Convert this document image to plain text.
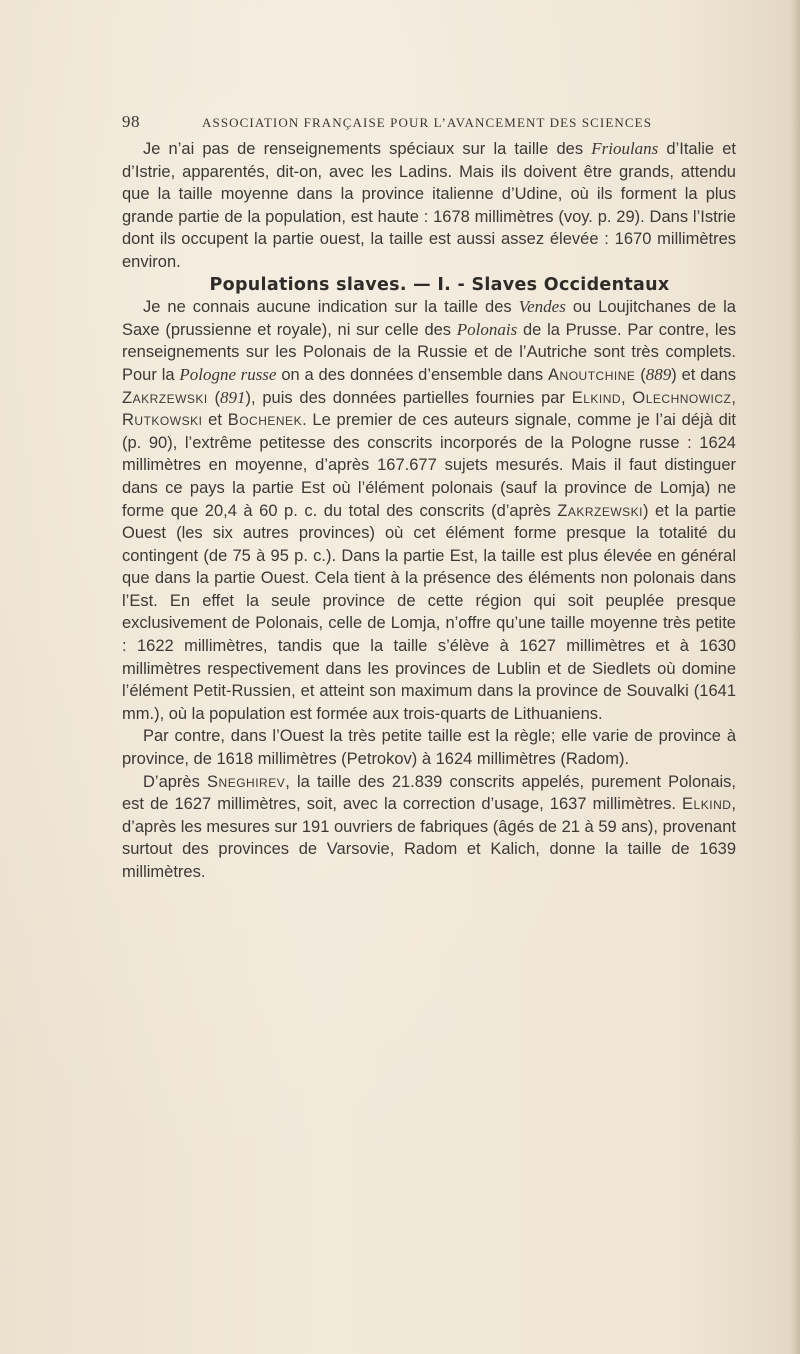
98	ASSOCIATION FRANÇAISE POUR L’AVANCEMENT DES SCIENCES

Je n’ai pas de renseignements spéciaux sur la taille des Frioulans d’Italie et d’Istrie, apparentés, dit-on, avec les Ladins. Mais ils doivent être grands, attendu que la taille moyenne dans la province italienne d’Udine, où ils forment la plus grande partie de la population, est haute : 1678 millimètres (voy. p. 29). Dans l’Istrie dont ils occupent la partie ouest, la taille est aussi assez élevée : 1670 millimètres environ.

Populations slaves. — I. - Slaves Occidentaux

Je ne connais aucune indication sur la taille des Vendes ou Loujitchanes de la Saxe (prussienne et royale), ni sur celle des Polonais de la Prusse. Par contre, les renseignements sur les Polonais de la Russie et de l’Autriche sont très complets. Pour la Pologne russe on a des données d’ensemble dans Anoutchine (889) et dans Zakrzewski (891), puis des données partielles fournies par Elkind, Olechnowicz, Rutkowski et Bochenek. Le premier de ces auteurs signale, comme je l’ai déjà dit (p. 90), l’extrême petitesse des conscrits incorporés de la Pologne russe : 1624 millimètres en moyenne, d’après 167.677 sujets mesurés. Mais il faut distinguer dans ce pays la partie Est où l’élément polonais (sauf la province de Lomja) ne forme que 20,4 à 60 p. c. du total des conscrits (d’après Zakrzewski) et la partie Ouest (les six autres provinces) où cet élément forme presque la totalité du contingent (de 75 à 95 p. c.). Dans la partie Est, la taille est plus élevée en général que dans la partie Ouest. Cela tient à la présence des éléments non polonais dans l’Est. En effet la seule province de cette région qui soit peuplée presque exclusivement de Polonais, celle de Lomja, n’offre qu’une taille moyenne très petite : 1622 millimètres, tandis que la taille s’élève à 1627 millimètres et à 1630 millimètres respectivement dans les provinces de Lublin et de Siedlets où domine l’élément Petit-Russien, et atteint son maximum dans la province de Souvalki (1641 mm.), où la population est formée aux trois-quarts de Lithuaniens.

Par contre, dans l’Ouest la très petite taille est la règle; elle varie de province à province, de 1618 millimètres (Petrokov) à 1624 millimètres (Radom).

D’après Sneghirev, la taille des 21.839 conscrits appelés, purement Polonais, est de 1627 millimètres, soit, avec la correction d’usage, 1637 millimètres. Elkind, d’après les mesures sur 191 ouvriers de fabriques (âgés de 21 à 59 ans), provenant surtout des provinces de Varsovie, Radom et Kalich, donne la taille de 1639 millimètres.
